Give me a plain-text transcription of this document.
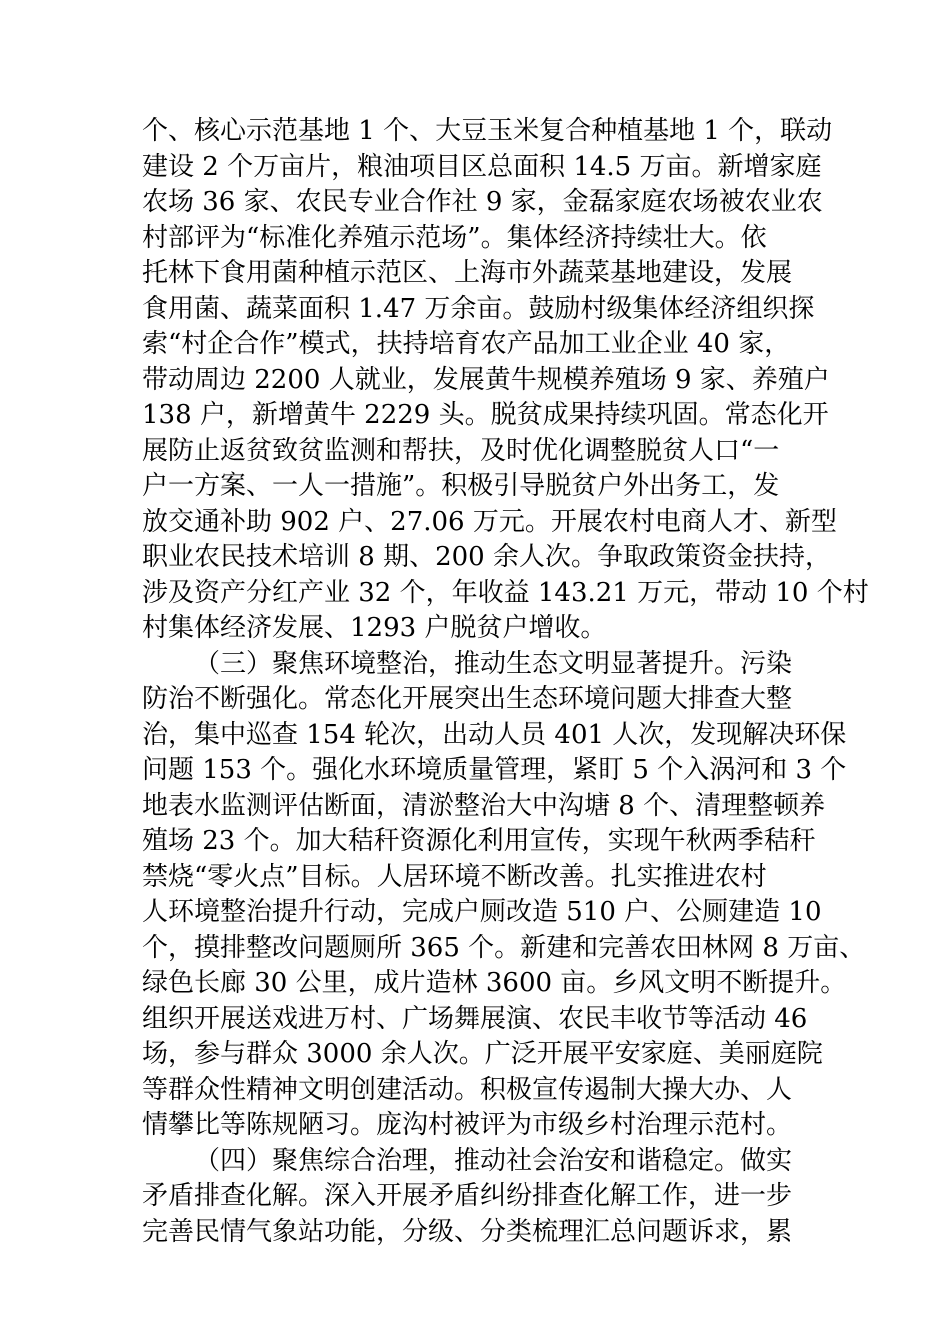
个、核心示范基地 1 个、大豆玉米复合种植基地 1 个，联动
建设 2 个万亩片，粮油项目区总面积 14.5 万亩。新增家庭
农场 36 家、农民专业合作社 9 家，金磊家庭农场被农业农
村部评为“标准化养殖示范场”。集体经济持续壮大。依
托林下食用菌种植示范区、上海市外蔬菜基地建设，发展
食用菌、蔬菜面积 1.47 万余亩。鼓励村级集体经济组织探
索“村企合作”模式，扶持培育农产品加工业企业 40 家，
带动周边 2200 人就业，发展黄牛规模养殖场 9 家、养殖户
138 户，新增黄牛 2229 头。脱贫成果持续巩固。常态化开
展防止返贫致贫监测和帮扶，及时优化调整脱贫人口“一
户一方案、一人一措施”。积极引导脱贫户外出务工，发
放交通补助 902 户、27.06 万元。开展农村电商人才、新型
职业农民技术培训 8 期、200 余人次。争取政策资金扶持，
涉及资产分红产业 32 个，年收益 143.21 万元，带动 10 个村
村集体经济发展、1293 户脱贫户增收。
（三）聚焦环境整治，推动生态文明显著提升。污染
防治不断强化。常态化开展突出生态环境问题大排查大整
治，集中巡查 154 轮次，出动人员 401 人次，发现解决环保
问题 153 个。强化水环境质量管理，紧盯 5 个入涡河和 3 个
地表水监测评估断面，清淤整治大中沟塘 8 个、清理整顿养
殖场 23 个。加大秸秆资源化利用宣传，实现午秋两季秸秆
禁烧“零火点”目标。人居环境不断改善。扎实推进农村
人环境整治提升行动，完成户厕改造 510 户、公厕建造 10
个，摸排整改问题厕所 365 个。新建和完善农田林网 8 万亩、
绿色长廊 30 公里，成片造林 3600 亩。乡风文明不断提升。
组织开展送戏进万村、广场舞展演、农民丰收节等活动 46
场，参与群众 3000 余人次。广泛开展平安家庭、美丽庭院
等群众性精神文明创建活动。积极宣传遏制大操大办、人
情攀比等陈规陋习。庞沟村被评为市级乡村治理示范村。
（四）聚焦综合治理，推动社会治安和谐稳定。做实
矛盾排查化解。深入开展矛盾纠纷排查化解工作，进一步
完善民情气象站功能，分级、分类梳理汇总问题诉求，累
